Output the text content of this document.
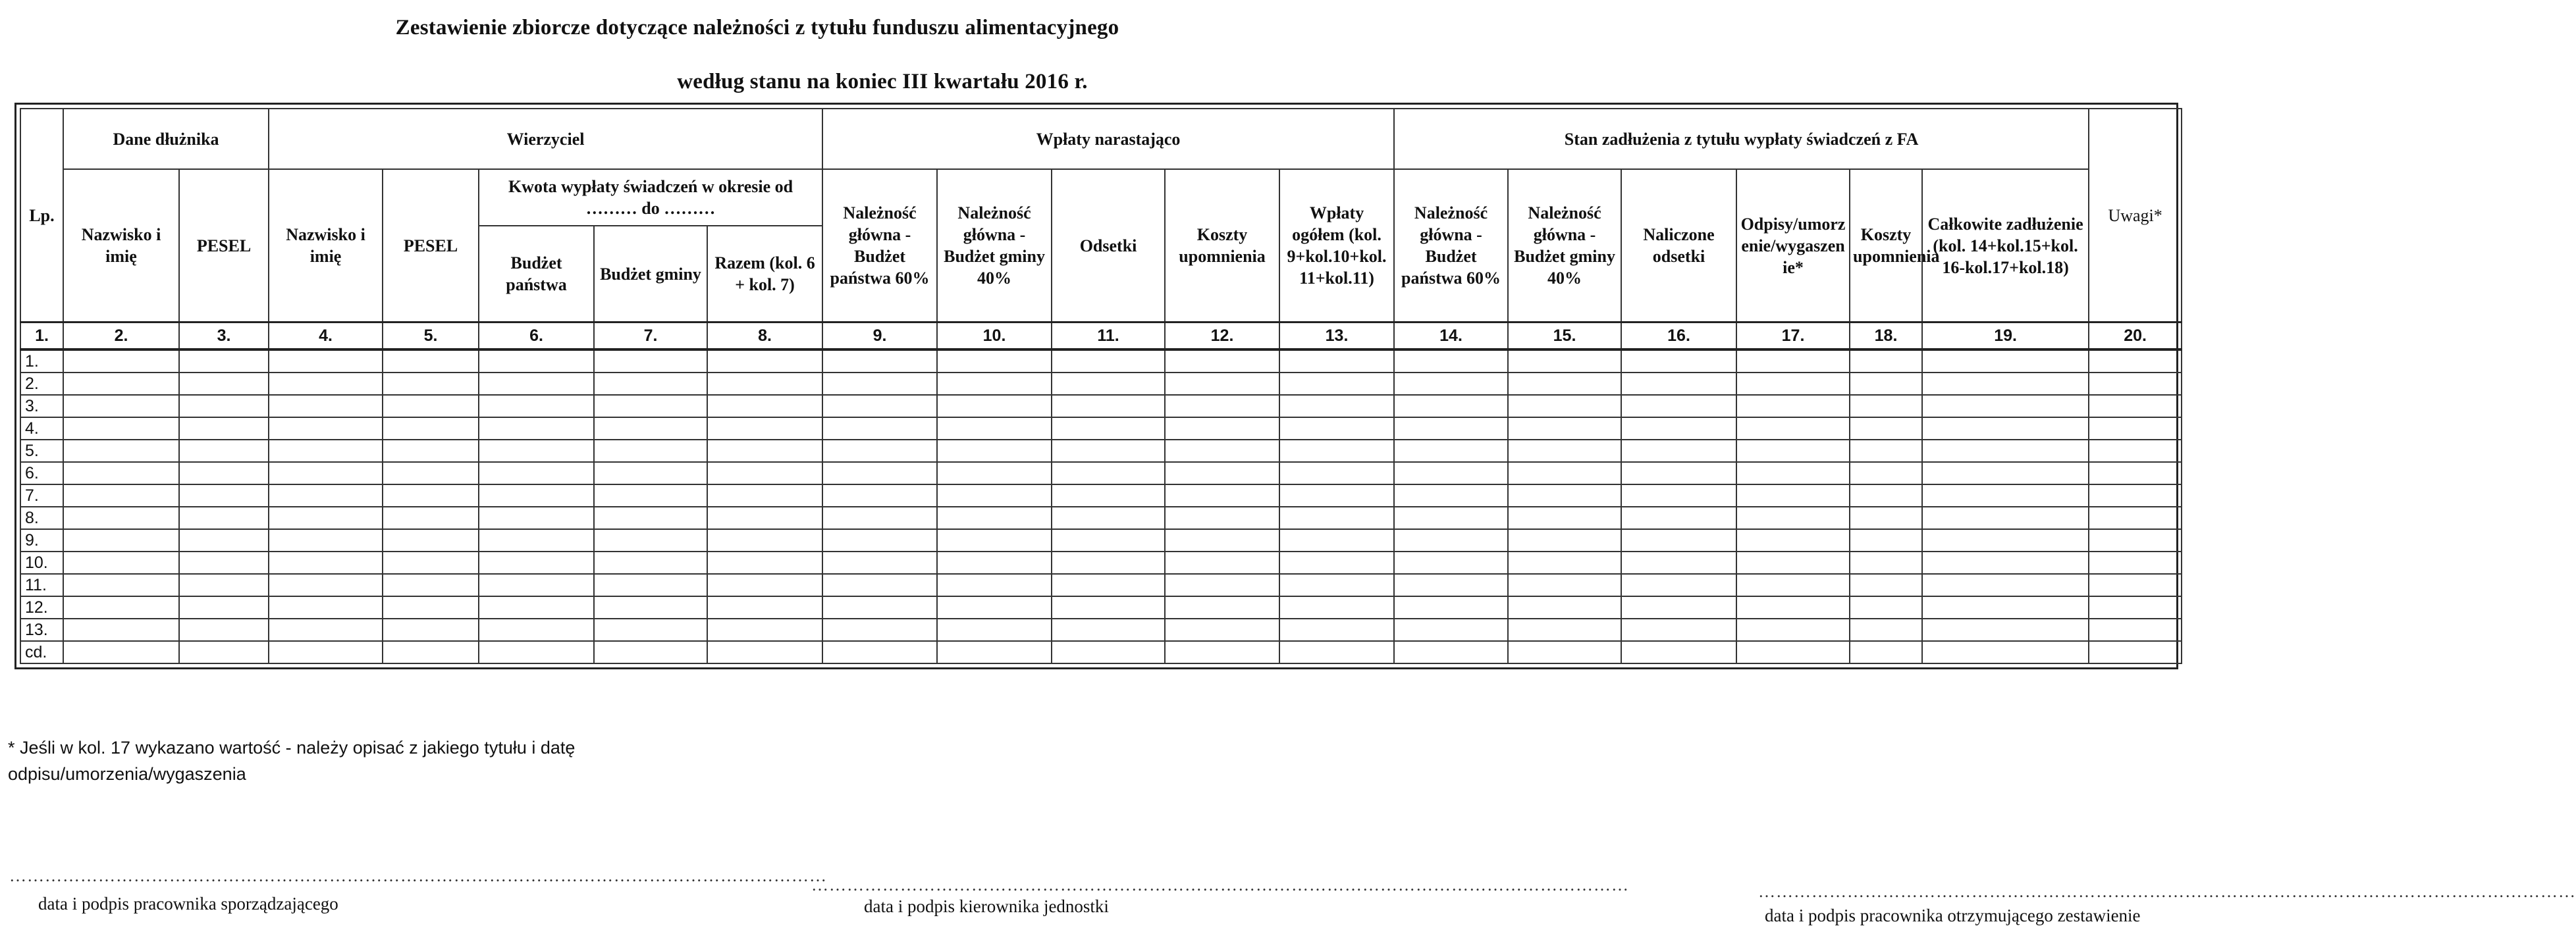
Zestawienie zbiorcze dotyczące należności z tytułu funduszu alimentacyjnego
według stanu na koniec III kwartału 2016 r.
Lp.	Dane dłużnika		Wierzyciel					Wpłaty narastająco					Stan zadłużenia z tytułu wypłaty świadczeń z FA						Uwagi*
	Nazwisko i imię	PESEL	Nazwisko i imię	PESEL	Kwota wypłaty świadczeń w okresie od ……… do ………			Należność główna - Budżet państwa 60%	Należność główna - Budżet gminy 40%	Odsetki	Koszty upomnienia	Wpłaty ogółem (kol. 9+kol.10+kol. 11+kol.11)	Należność główna - Budżet państwa 60%	Należność główna - Budżet gminy 40%	Naliczone odsetki	Odpisy/umorzenie/wygaszenie*	Koszty upomnienia	Całkowite zadłużenie (kol. 14+kol.15+kol. 16-kol.17+kol.18)	
					Budżet państwa	Budżet gminy	Razem (kol. 6 + kol. 7)												
1.	2.	3.	4.	5.	6.	7.	8.	9.	10.	11.	12.	13.	14.	15.	16.	17.	18.	19.	20.
1.																			
2.																			
3.																			
4.																			
5.																			
6.																			
7.																			
8.																			
9.																			
10.																			
11.																			
12.																			
13.																			
cd.																			
* Jeśli w kol. 17 wykazano wartość - należy opisać z jakiego tytułu i datę
odpisu/umorzenia/wygaszenia
…………………………………………………………………………………………………………………………
data i podpis pracownika sporządzającego
…………………………………………………………………………………………………………………………
data i podpis kierownika jednostki
…………………………………………………………………………………………………………………………
data i podpis pracownika otrzymującego zestawienie
